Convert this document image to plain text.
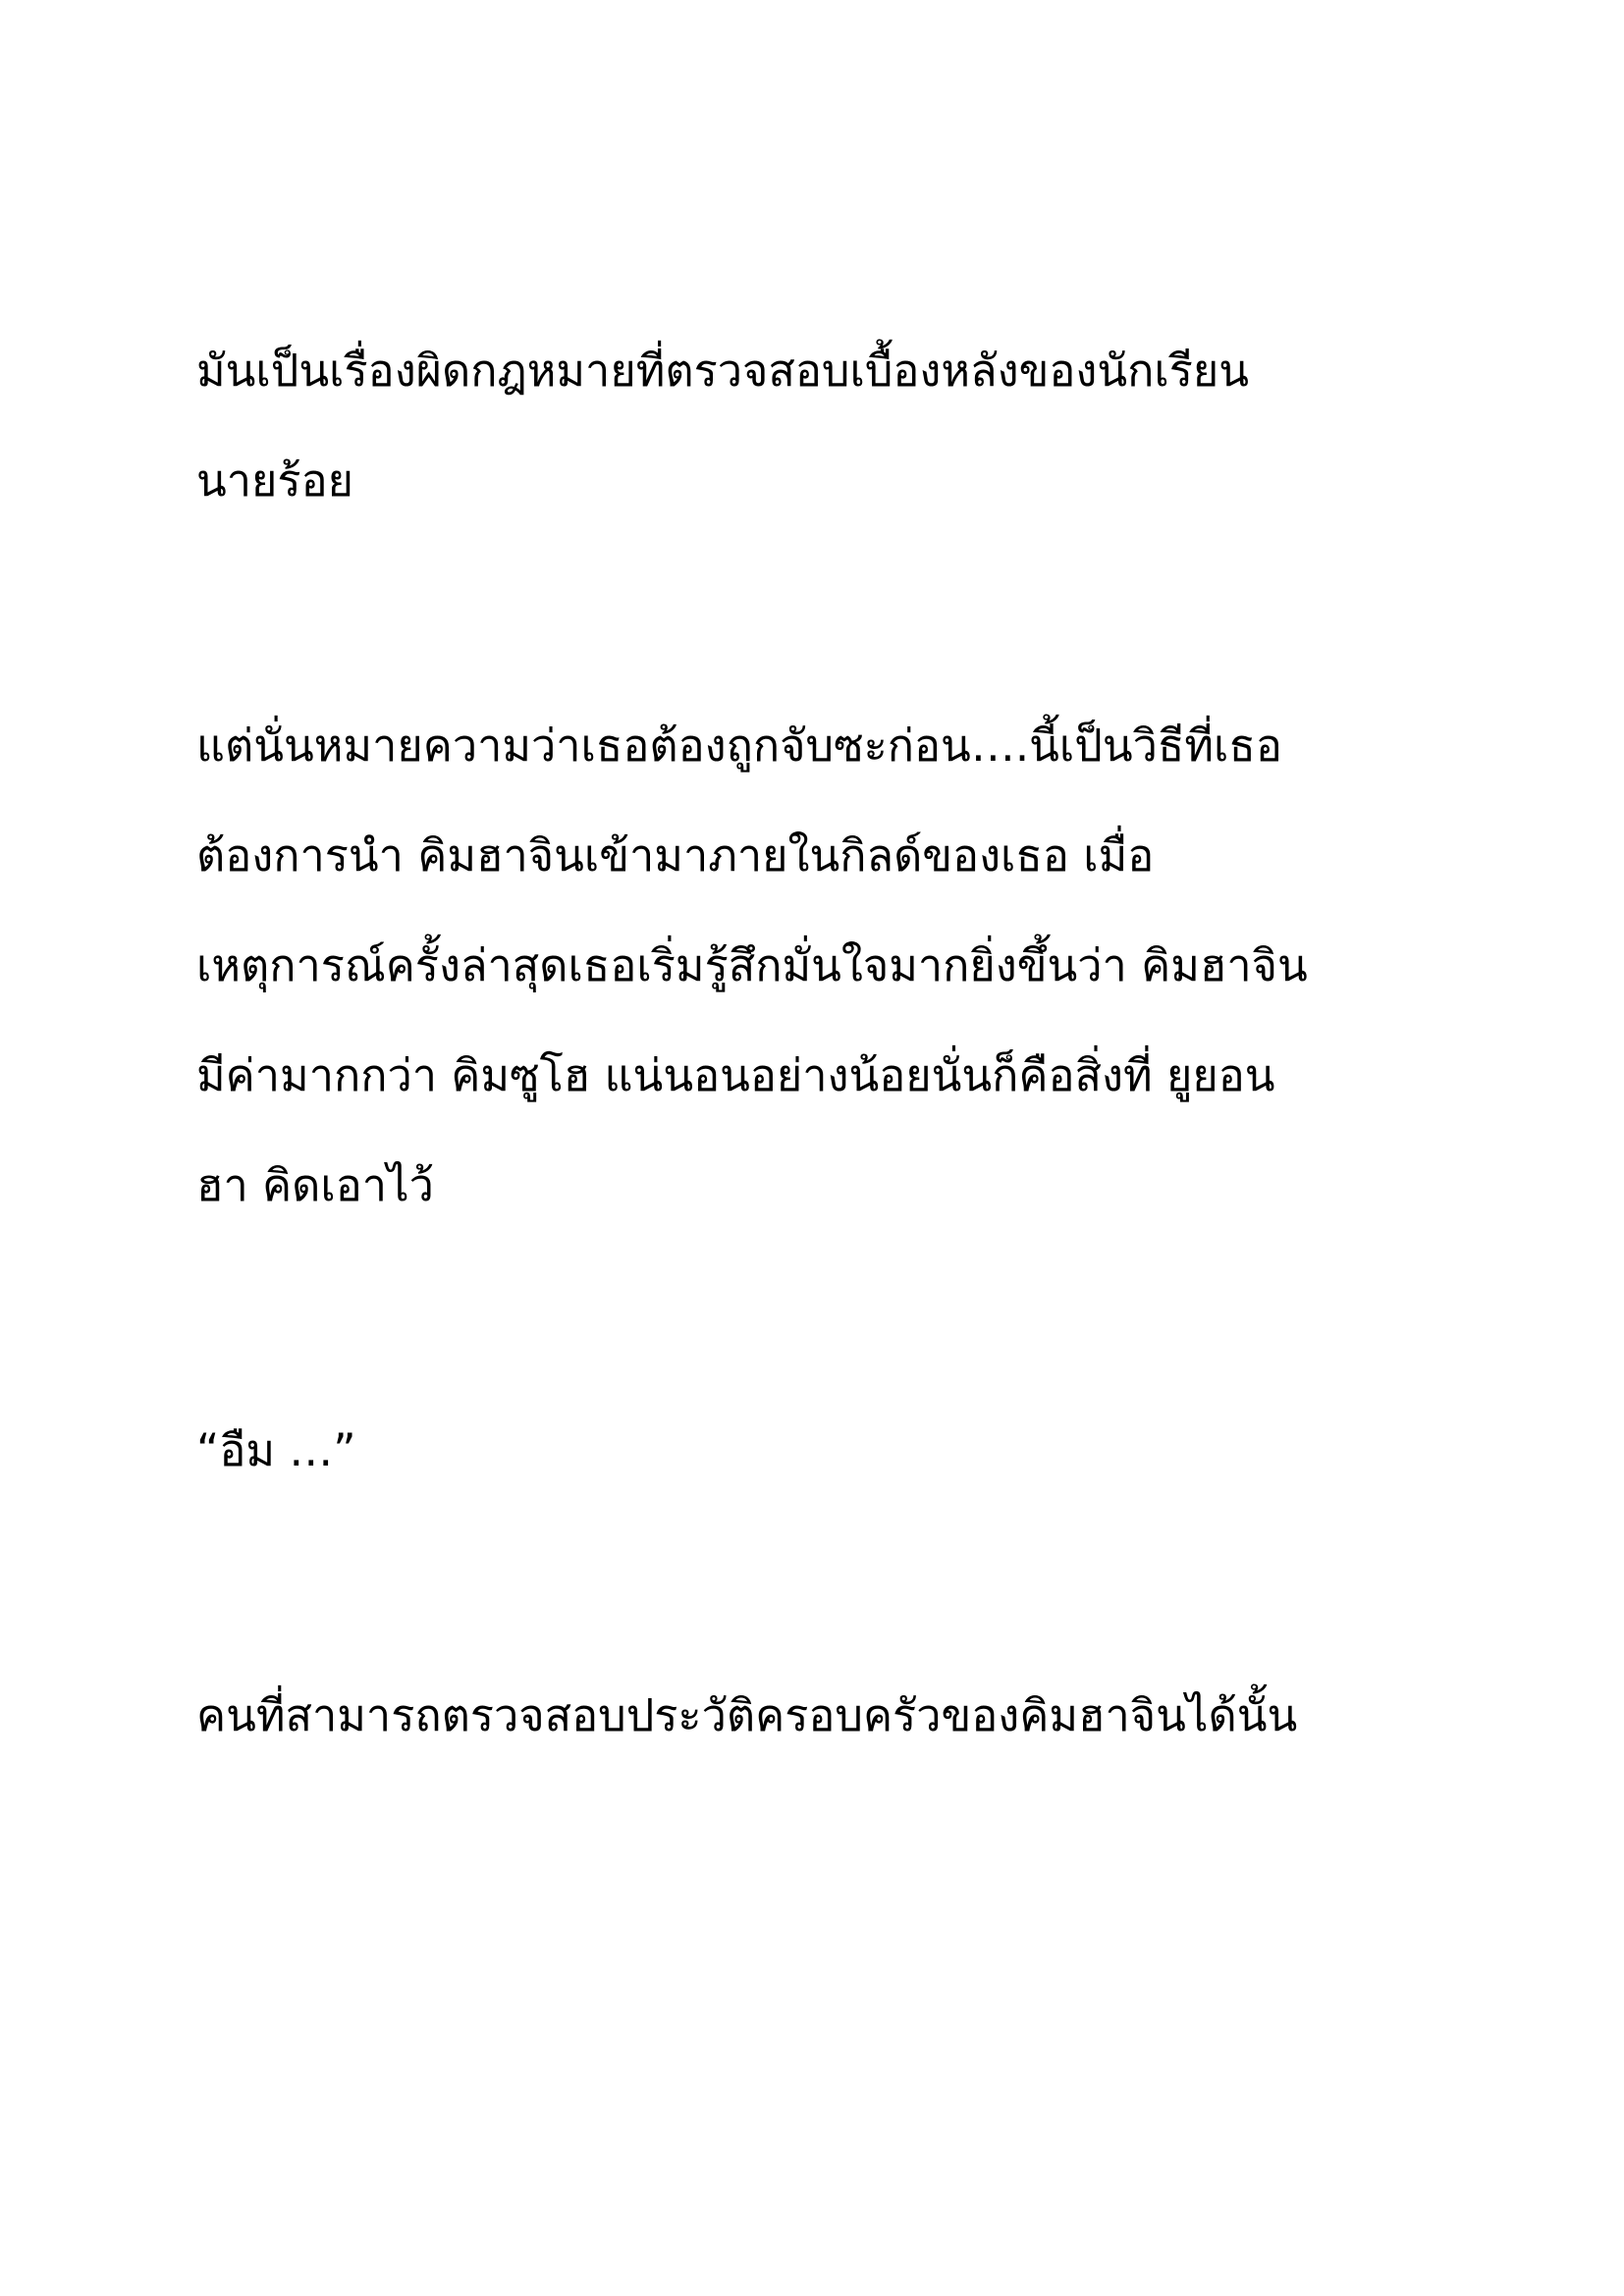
มันเป็นเรื่องผิดกฎหมายที่ตรวจสอบเบื้องหลังของนักเรียน
นายร้อย
แต่นั่นหมายความว่าเธอต้องถูกจับซะก่อน….นี้เป็นวิธีที่เธอ
ต้องการนำ คิมฮาจินเข้ามาภายในกิลด์ของเธอ เมื่อ
เหตุการณ์ครั้งล่าสุดเธอเริ่มรู้สึกมั่นใจมากยิ่งขึ้นว่า คิมฮาจิน
มีค่ามากกว่า คิมซูโฮ แน่นอนอย่างน้อยนั่นก็คือสิ่งที่ ยูยอน
ฮา คิดเอาไว้
“อืม …”
คนที่สามารถตรวจสอบประวัติครอบครัวของคิมฮาจินได้นั้น
